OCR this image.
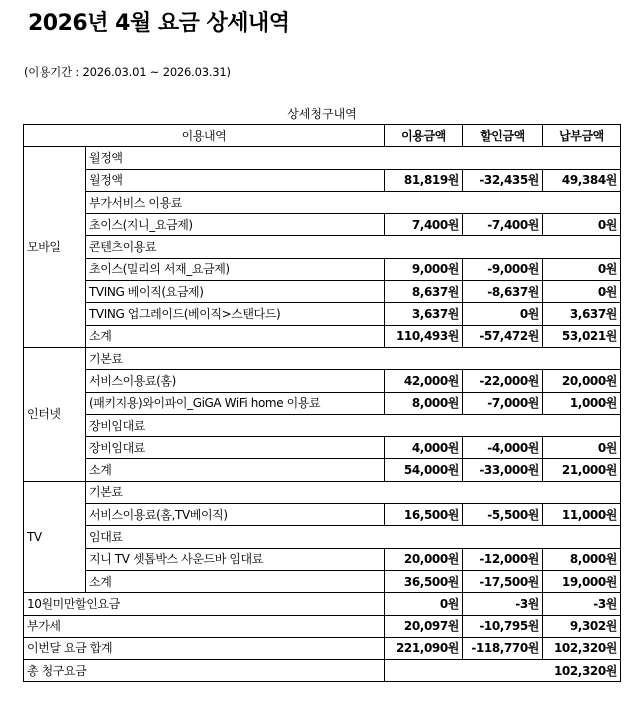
2026년 4월 요금 상세내역
(이용기간 : 2026.03.01 ~ 2026.03.31)
상세청구내역
이용내역		이용금액	할인금액	납부금액
모바일	월정액			
	월정액	81,819원	-32,435원	49,384원
	부가서비스 이용료			
	초이스(지니_요금제)	7,400원	-7,400원	0원
	콘텐츠이용료			
	초이스(밀리의 서재_요금제)	9,000원	-9,000원	0원
	TVING 베이직(요금제)	8,637원	-8,637원	0원
	TVING 업그레이드(베이직>스탠다드)	3,637원	0원	3,637원
	소계	110,493원	-57,472원	53,021원
인터넷	기본료			
	서비스이용료(홈)	42,000원	-22,000원	20,000원
	(패키지용)와이파이_GiGA WiFi home 이용료	8,000원	-7,000원	1,000원
	장비임대료			
	장비임대료	4,000원	-4,000원	0원
	소계	54,000원	-33,000원	21,000원
TV	기본료			
	서비스이용료(홈,TV베이직)	16,500원	-5,500원	11,000원
	임대료			
	지니 TV 셋톱박스 사운드바 임대료	20,000원	-12,000원	8,000원
	소계	36,500원	-17,500원	19,000원
10원미만할인요금		0원	-3원	-3원
부가세		20,097원	-10,795원	9,302원
이번달 요금 합계		221,090원	-118,770원	102,320원
총 청구요금		102,320원		
